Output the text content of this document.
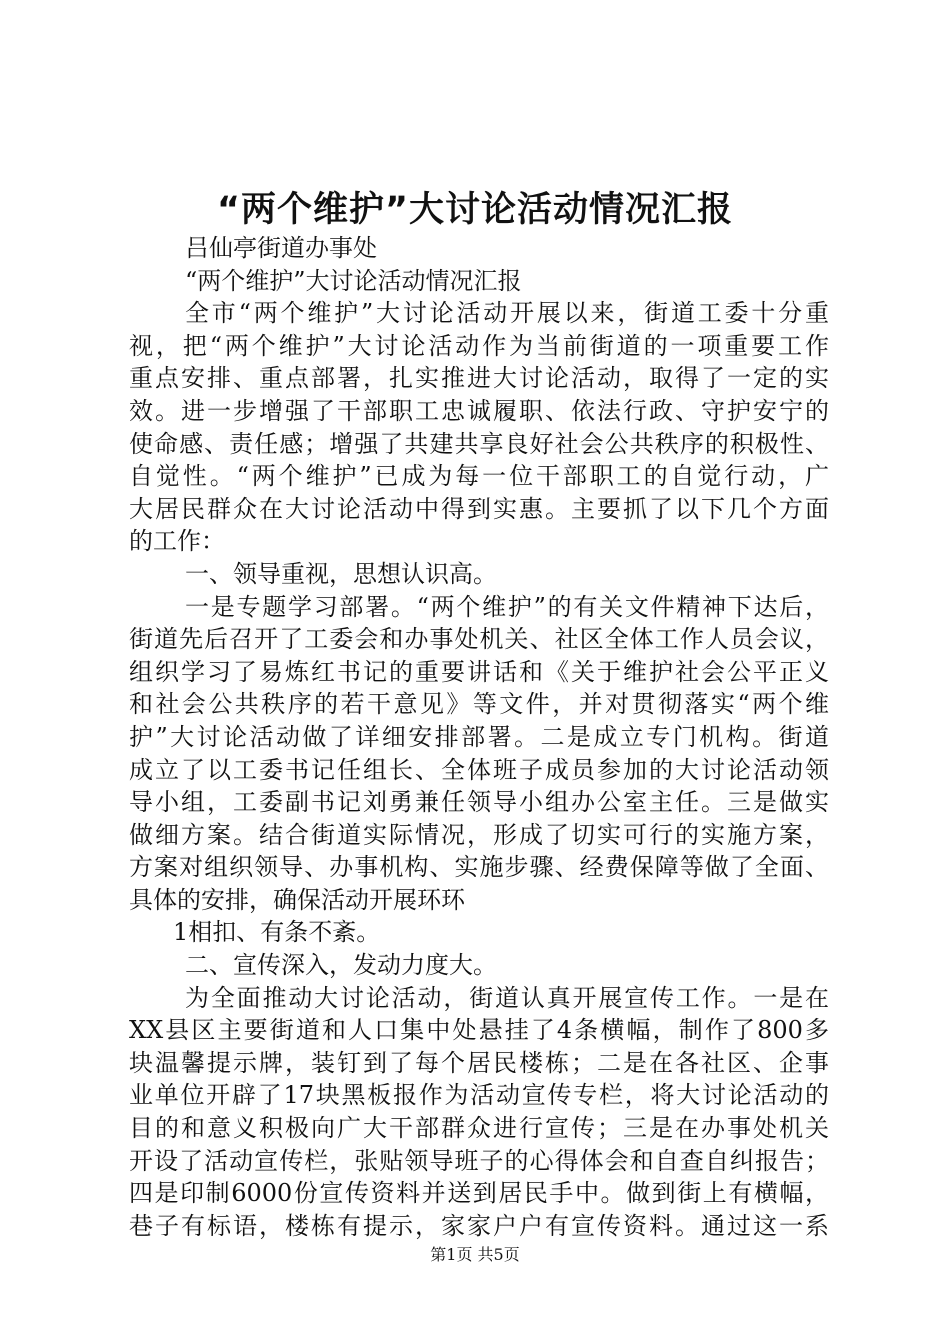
“两个维护”大讨论活动情况汇报
吕仙亭街道办事处
“两个维护”大讨论活动情况汇报
全市“两个维护”大讨论活动开展以来，街道工委十分重
视，把“两个维护”大讨论活动作为当前街道的一项重要工作
重点安排、重点部署，扎实推进大讨论活动，取得了一定的实
效。进一步增强了干部职工忠诚履职、依法行政、守护安宁的
使命感、责任感；增强了共建共享良好社会公共秩序的积极性、
自觉性。“两个维护”已成为每一位干部职工的自觉行动，广
大居民群众在大讨论活动中得到实惠。主要抓了以下几个方面
的工作：
一、领导重视，思想认识高。
一是专题学习部署。“两个维护”的有关文件精神下达后，
街道先后召开了工委会和办事处机关、社区全体工作人员会议，
组织学习了易炼红书记的重要讲话和《关于维护社会公平正义
和社会公共秩序的若干意见》等文件，并对贯彻落实“两个维
护”大讨论活动做了详细安排部署。二是成立专门机构。街道
成立了以工委书记任组长、全体班子成员参加的大讨论活动领
导小组，工委副书记刘勇兼任领导小组办公室主任。三是做实
做细方案。结合街道实际情况，形成了切实可行的实施方案，
方案对组织领导、办事机构、实施步骤、经费保障等做了全面、
具体的安排，确保活动开展环环
1相扣、有条不紊。
二、宣传深入，发动力度大。
为全面推动大讨论活动，街道认真开展宣传工作。一是在
XX县区主要街道和人口集中处悬挂了4条横幅，制作了800多
块温馨提示牌，装钉到了每个居民楼栋；二是在各社区、企事
业单位开辟了17块黑板报作为活动宣传专栏，将大讨论活动的
目的和意义积极向广大干部群众进行宣传；三是在办事处机关
开设了活动宣传栏，张贴领导班子的心得体会和自查自纠报告；
四是印制6000份宣传资料并送到居民手中。做到街上有横幅，
巷子有标语，楼栋有提示，家家户户有宣传资料。通过这一系
第1页 共5页
